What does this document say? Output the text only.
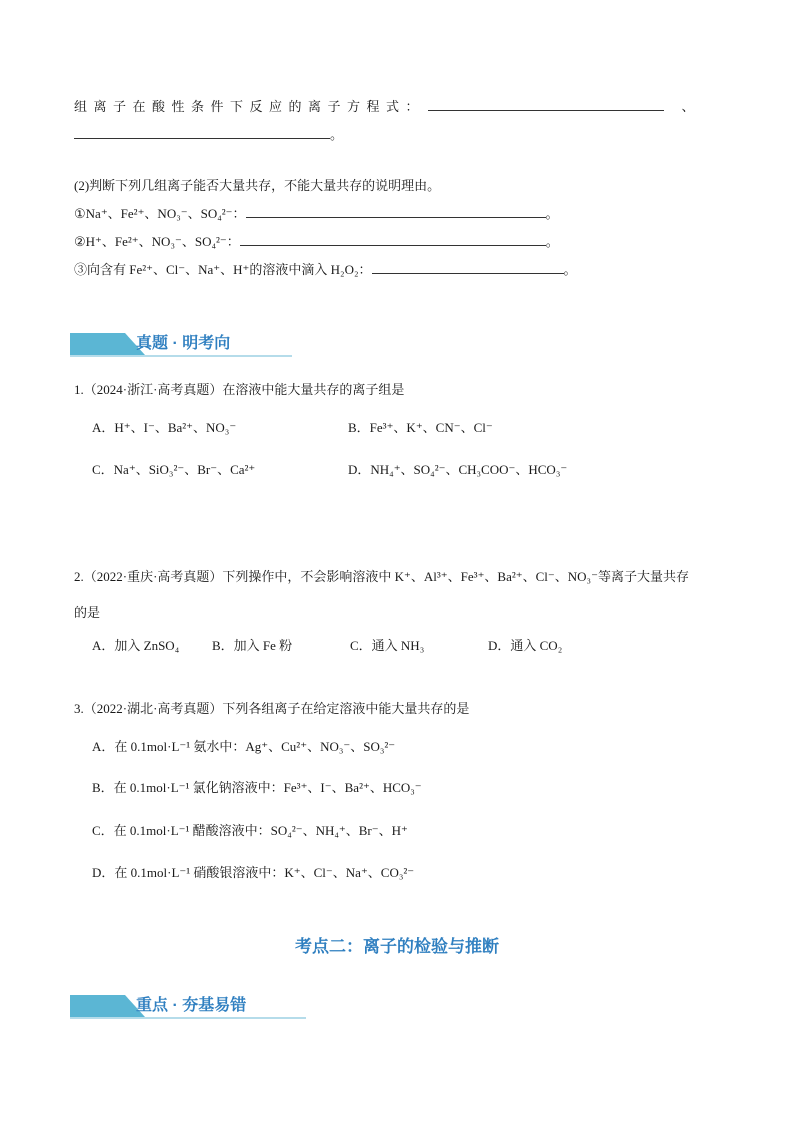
组离子在酸性条件下反应的离子方程式：	、
。
(2)判断下列几组离子能否大量共存，不能大量共存的说明理由。
①Na⁺、Fe²⁺、NO₃⁻、SO₄²⁻：	。
②H⁺、Fe²⁺、NO₃⁻、SO₄²⁻：	。
③向含有 Fe²⁺、Cl⁻、Na⁺、H⁺的溶液中滴入 H₂O₂：	。
真题 · 明考向
1.（2024·浙江·高考真题）在溶液中能大量共存的离子组是
A．H⁺、I⁻、Ba²⁺、NO₃⁻	B．Fe³⁺、K⁺、CN⁻、Cl⁻
C．Na⁺、SiO₃²⁻、Br⁻、Ca²⁺	D．NH₄⁺、SO₄²⁻、CH₃COO⁻、HCO₃⁻
2.（2022·重庆·高考真题）下列操作中，不会影响溶液中 K⁺、Al³⁺、Fe³⁺、Ba²⁺、Cl⁻、NO₃⁻等离子大量共存
的是
A．加入 ZnSO₄	B．加入 Fe 粉	C．通入 NH₃	D．通入 CO₂
3.（2022·湖北·高考真题）下列各组离子在给定溶液中能大量共存的是
A．在 0.1mol·L⁻¹ 氨水中：Ag⁺、Cu²⁺、NO₃⁻、SO₃²⁻
B．在 0.1mol·L⁻¹ 氯化钠溶液中：Fe³⁺、I⁻、Ba²⁺、HCO₃⁻
C．在 0.1mol·L⁻¹ 醋酸溶液中：SO₄²⁻、NH₄⁺、Br⁻、H⁺
D．在 0.1mol·L⁻¹ 硝酸银溶液中：K⁺、Cl⁻、Na⁺、CO₃²⁻
考点二：离子的检验与推断
重点 · 夯基易错
